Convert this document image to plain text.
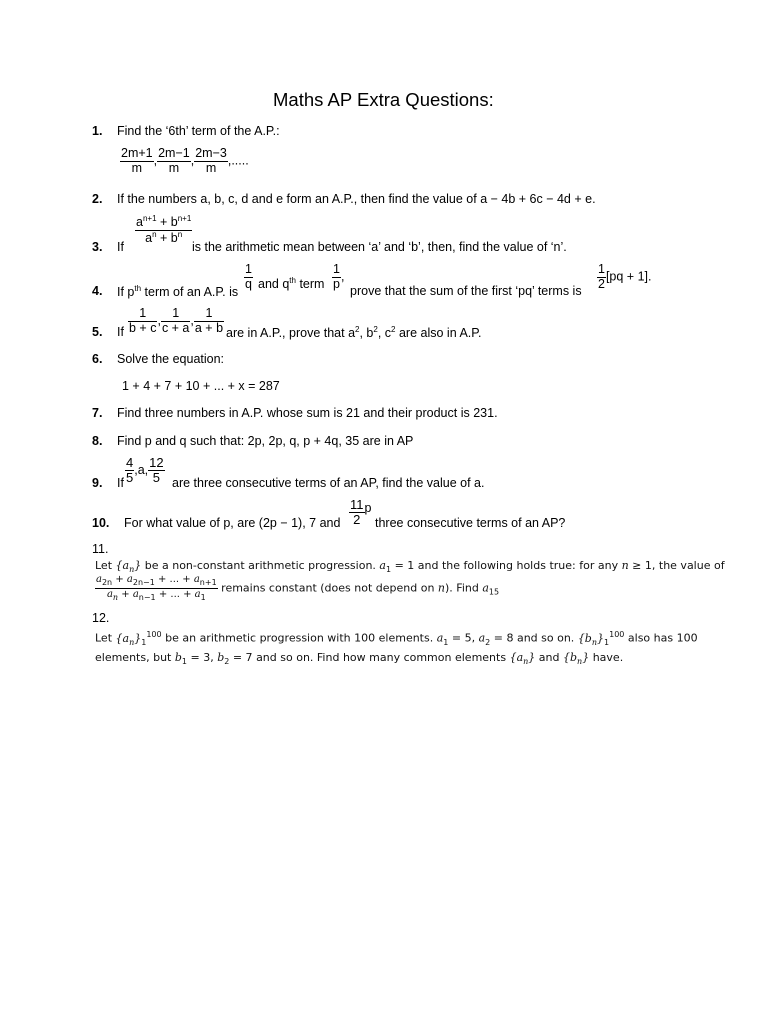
Maths AP Extra Questions:
1. Find the ‘6th’ term of the A.P.:
$\frac{2m+1}{m}$ , $\frac{2m-1}{m}$ , $\frac{2m-3}{m}$ ,.....
2. If the numbers a, b, c, d and e form an A.P., then find the value of a − 4b + 6c − 4d + e.
3. If
$\frac{a^{n+1} + b^{n+1}}{a^n + b^n}$
is the arithmetic mean between ‘a’ and ‘b’, then, find the value of ‘n’.
4. If $p^{th}$ term of an A.P. is
$\frac{1}{q}$ and $q^{th}$ term $\frac{1}{p}$ ,
prove that the sum of the first ‘pq’ terms is $\frac{1}{2} [pq + 1]$.
5. If $\frac{1}{b + c}$ , $\frac{1}{c + a}$ , $\frac{1}{a + b}$ are in A.P., prove that $a^2$, $b^2$, $c^2$ are also in A.P.
6. Solve the equation:
1 + 4 + 7 + 10 + ... + x = 287
7. Find three numbers in A.P. whose sum is 21 and their product is 231.
8. Find p and q such that: 2p, 2p, q, p + 4q, 35 are in AP
9. If $\frac{4}{5} ,a$, $\frac{12}{5}$ are three consecutive terms of an AP, find the value of a.
10. For what value of p, are (2p − 1), 7 and $\frac{11}{2}$ p
three consecutive terms of an AP?
11.
Let $\{a_n\}$ be a non-constant arithmetic progression. $a_1 = 1$ and the following holds true: for any n ≥ 1, the value of
$\frac{a_{2n} + a_{2n-1} + ... + a_{n+1}}{a_n + a_{n-1} + ... + a_1}$ remains constant (does not depend on n). Find $a_{15}$
12.
Let $\{a_n\}_1^{100}$ be an arithmetic progression with 100 elements. $a_1 = 5$, $a_2 = 8$ and so on. $\{b_n\}_1^{100}$ also has 100
elements, but $b_1 = 3$, $b_2 = 7$ and so on. Find how many common elements $\{a_n\}$ and $\{b_n\}$ have.
